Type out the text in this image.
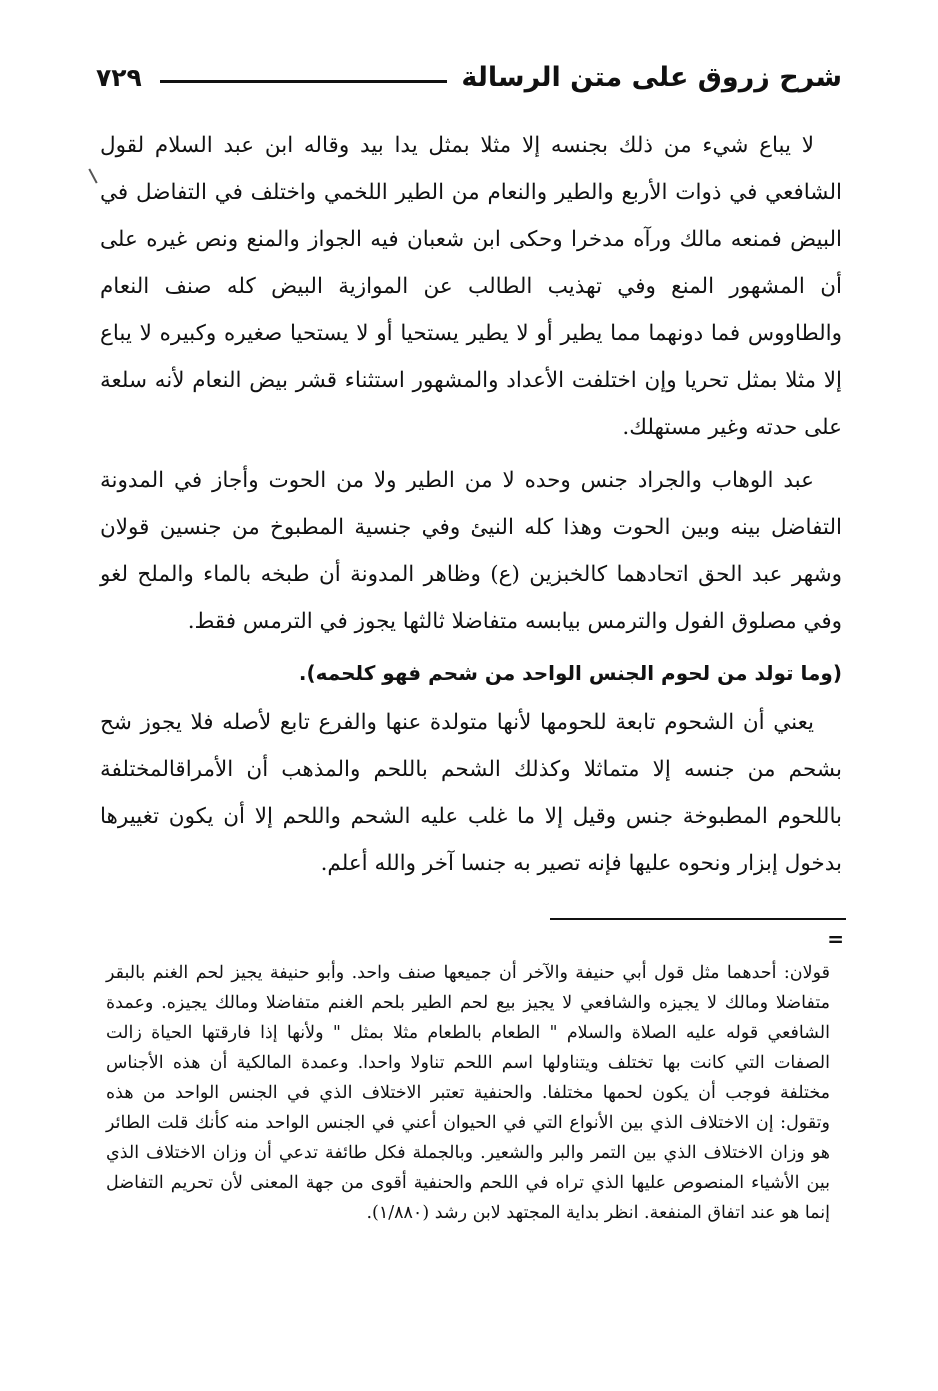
شرح زروق على متن الرسالة
٧٢٩

لا يباع شيء من ذلك بجنسه إلا مثلا بمثل يدا بيد وقاله ابن عبد السلام لقول الشافعي في ذوات الأربع والطير والنعام من الطير اللخمي واختلف في التفاضل في البيض فمنعه مالك ورآه مدخرا وحكى ابن شعبان فيه الجواز والمنع ونص غيره على أن المشهور المنع وفي تهذيب الطالب عن الموازية البيض كله صنف النعام والطاووس فما دونهما مما يطير أو لا يطير يستحيا أو لا يستحيا صغيره وكبيره لا يباع إلا مثلا بمثل تحريا وإن اختلفت الأعداد والمشهور استثناء قشر بيض النعام لأنه سلعة على حدته وغير مستهلك.

عبد الوهاب والجراد جنس وحده لا من الطير ولا من الحوت وأجاز في المدونة التفاضل بينه وبين الحوت وهذا كله النيئ وفي جنسية المطبوخ من جنسين قولان وشهر عبد الحق اتحادهما كالخبزين (ع) وظاهر المدونة أن طبخه بالماء والملح لغو وفي مصلوق الفول والترمس بيابسه متفاضلا ثالثها يجوز في الترمس فقط.

(وما تولد من لحوم الجنس الواحد من شحم فهو كلحمه).

يعني أن الشحوم تابعة للحومها لأنها متولدة عنها والفرع تابع لأصله فلا يجوز شح بشحم من جنسه إلا متماثلا وكذلك الشحم باللحم والمذهب أن الأمراقالمختلفة باللحوم المطبوخة جنس وقيل إلا ما غلب عليه الشحم واللحم إلا أن يكون تغييرها بدخول إبزار ونحوه عليها فإنه تصير به جنسا آخر والله أعلم.

=

قولان: أحدهما مثل قول أبي حنيفة والآخر أن جميعها صنف واحد. وأبو حنيفة يجيز لحم الغنم بالبقر متفاضلا ومالك لا يجيزه والشافعي لا يجيز بيع لحم الطير بلحم الغنم متفاضلا ومالك يجيزه. وعمدة الشافعي قوله عليه الصلاة والسلام " الطعام بالطعام مثلا بمثل " ولأنها إذا فارقتها الحياة زالت الصفات التي كانت بها تختلف ويتناولها اسم اللحم تناولا واحدا. وعمدة المالكية أن هذه الأجناس مختلفة فوجب أن يكون لحمها مختلفا. والحنفية تعتبر الاختلاف الذي في الجنس الواحد من هذه وتقول: إن الاختلاف الذي بين الأنواع التي في الحيوان أعني في الجنس الواحد منه كأنك قلت الطائر هو وزان الاختلاف الذي بين التمر والبر والشعير. وبالجملة فكل طائفة تدعي أن وزان الاختلاف الذي بين الأشياء المنصوص عليها الذي تراه في اللحم والحنفية أقوى من جهة المعنى لأن تحريم التفاضل إنما هو عند اتفاق المنفعة. انظر بداية المجتهد لابن رشد (١/٨٨٠).
